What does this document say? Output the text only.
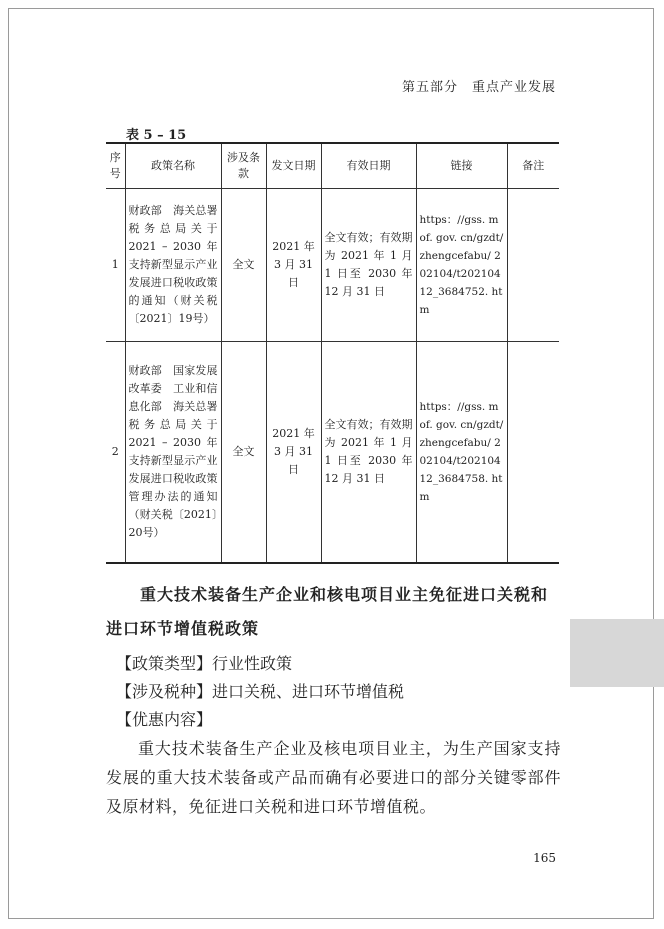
第五部分　重点产业发展
表 5 – 15
序号	政策名称	涉及条款	发文日期	有效日期	链接	备注
1	财政部　海关总署　税务总局关于 2021 – 2030 年支持新型显示产业发展进口税收政策的通知（财关税〔2021〕19号）	全文	2021 年 3 月 31 日	全文有效；有效期为 2021 年 1 月 1 日至 2030 年 12 月 31 日	https：//gss. mof. gov. cn/gzdt/ zhengcefabu/ 202104/t202104 12_3684752. htm	
2	财政部　国家发展改革委　工业和信息化部　海关总署　税务总局关于 2021 – 2030 年支持新型显示产业发展进口税收政策管理办法的通知（财关税〔2021〕20号）	全文	2021 年 3 月 31 日	全文有效；有效期为 2021 年 1 月 1 日至 2030 年 12 月 31 日	https：//gss. mof. gov. cn/gzdt/ zhengcefabu/ 202104/t202104 12_3684758. htm	
重大技术装备生产企业和核电项目业主免征进口关税和进口环节增值税政策
【政策类型】行业性政策
【涉及税种】进口关税、进口环节增值税
【优惠内容】
重大技术装备生产企业及核电项目业主，为生产国家支持发展的重大技术装备或产品而确有必要进口的部分关键零部件及原材料，免征进口关税和进口环节增值税。
165
